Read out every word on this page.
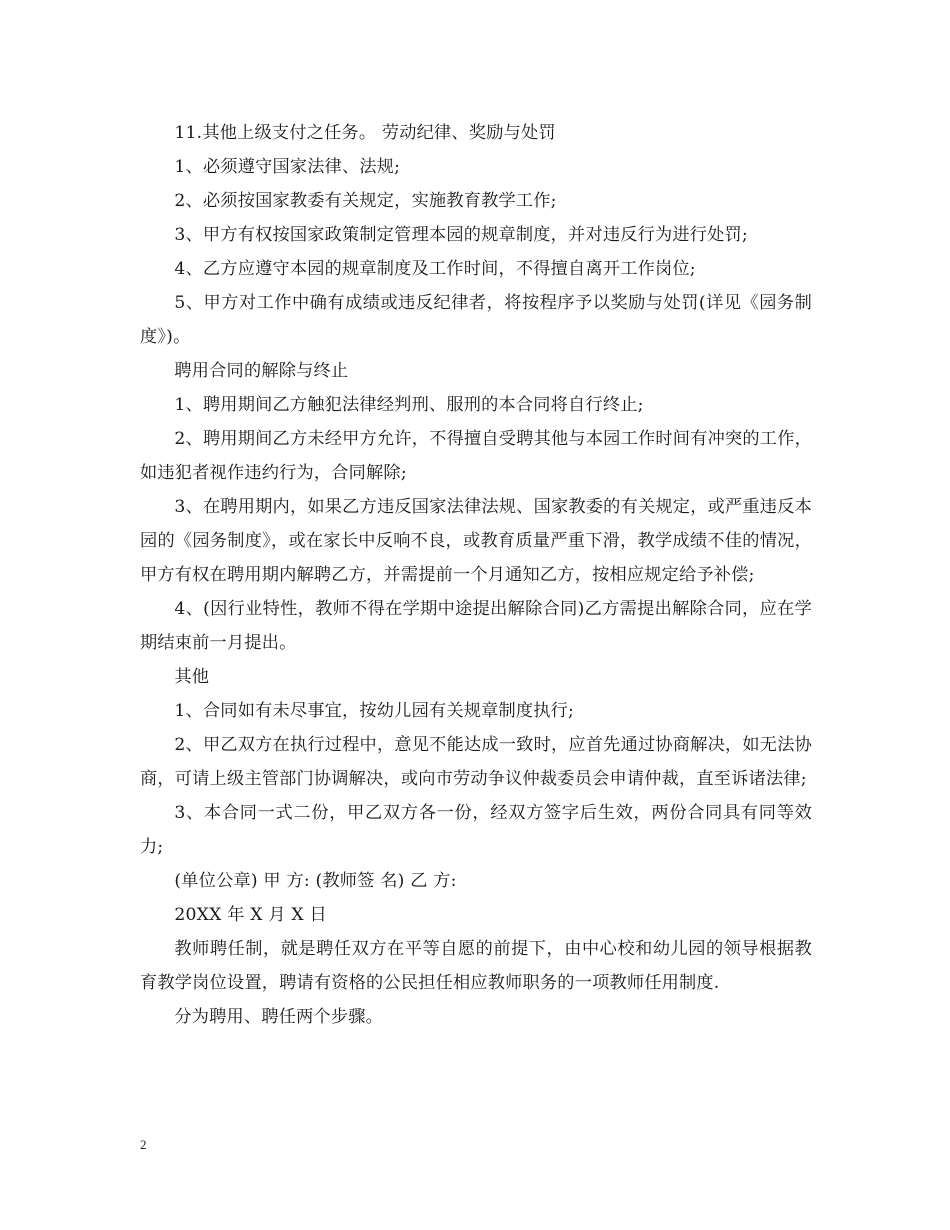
11.其他上级支付之任务。 劳动纪律、奖励与处罚

1、必须遵守国家法律、法规;

2、必须按国家教委有关规定，实施教育教学工作;

3、甲方有权按国家政策制定管理本园的规章制度，并对违反行为进行处罚;

4、乙方应遵守本园的规章制度及工作时间，不得擅自离开工作岗位;

5、甲方对工作中确有成绩或违反纪律者，将按程序予以奖励与处罚(详见《园务制度》)。

聘用合同的解除与终止

1、聘用期间乙方触犯法律经判刑、服刑的本合同将自行终止;

2、聘用期间乙方未经甲方允许，不得擅自受聘其他与本园工作时间有冲突的工作，如违犯者视作违约行为，合同解除;

3、在聘用期内，如果乙方违反国家法律法规、国家教委的有关规定，或严重违反本园的《园务制度》，或在家长中反响不良，或教育质量严重下滑，教学成绩不佳的情况，甲方有权在聘用期内解聘乙方，并需提前一个月通知乙方，按相应规定给予补偿;

4、(因行业特性，教师不得在学期中途提出解除合同)乙方需提出解除合同，应在学期结束前一月提出。

其他

1、合同如有未尽事宜，按幼儿园有关规章制度执行;

2、甲乙双方在执行过程中，意见不能达成一致时，应首先通过协商解决，如无法协商，可请上级主管部门协调解决，或向市劳动争议仲裁委员会申请仲裁，直至诉诸法律;

3、本合同一式二份，甲乙双方各一份，经双方签字后生效，两份合同具有同等效力;

(单位公章) 甲 方: (教师签 名) 乙 方:

20XX 年 X 月 X 日

教师聘任制，就是聘任双方在平等自愿的前提下，由中心校和幼儿园的领导根据教育教学岗位设置，聘请有资格的公民担任相应教师职务的一项教师任用制度.

分为聘用、聘任两个步骤。

2
